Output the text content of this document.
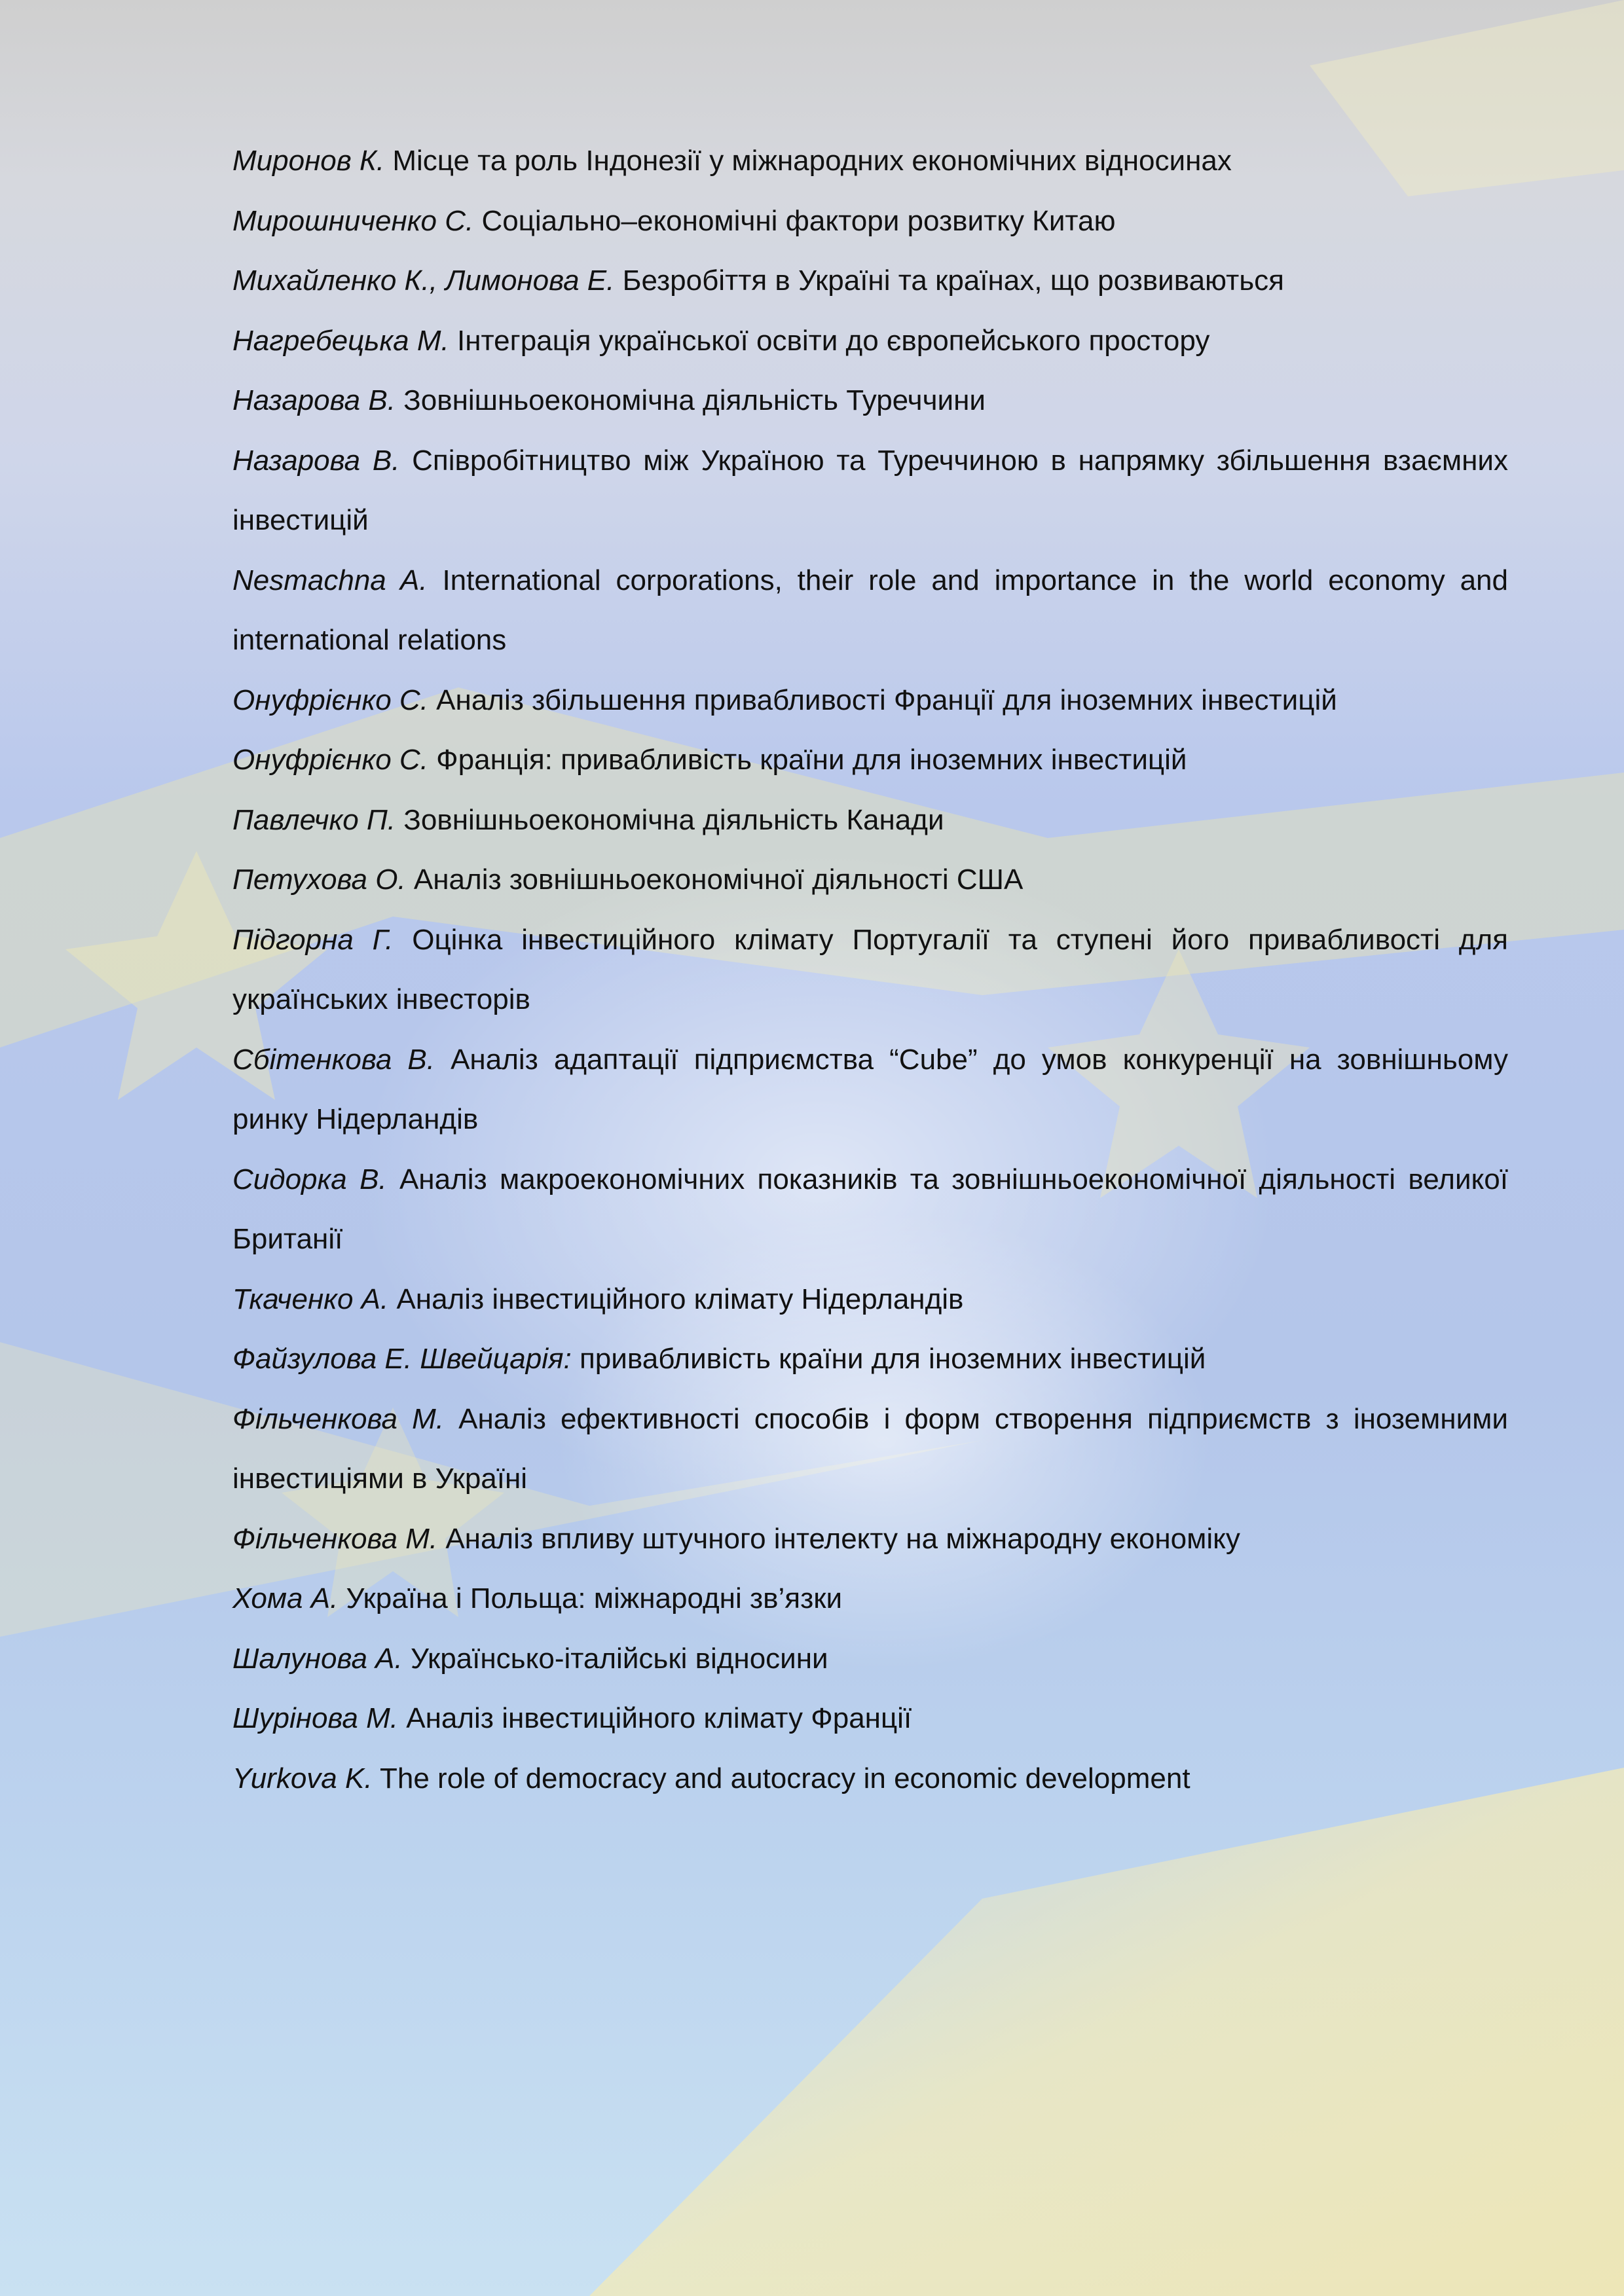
Миронов К. Місце та роль Індонезії у міжнародних економічних відносинах

Мирошниченко С. Соціально–економічні фактори розвитку Китаю

Михайленко К., Лимонова Е. Безробіття в Україні та країнах, що розвиваються

Нагребецька М. Інтеграція української освіти до європейського простору

Назарова В. Зовнішньоекономічна діяльність Туреччини

Назарова В. Співробітництво між Україною та Туреччиною в напрямку збільшення взаємних інвестицій

Nesmachna A. International corporations, their role and importance in the world economy and international relations

Онуфрієнко С. Аналіз збільшення привабливості Франції для іноземних інвестицій

Онуфрієнко С. Франція: привабливість країни для іноземних інвестицій

Павлечко П. Зовнішньоекономічна діяльність Канади

Петухова О. Аналіз зовнішньоекономічної діяльності США

Підгорна Г. Оцінка інвестиційного клімату Португалії та ступені його привабливості для українських інвесторів

Сбітенкова В. Аналіз адаптації підприємства “Cube” до умов конкуренції на зовнішньому ринку Нідерландів

Сидорка В. Аналіз макроекономічних показників та зовнішньоекономічної діяльності великої Британії

Ткаченко А. Аналіз інвестиційного клімату Нідерландів

Файзулова Е. Швейцарія: привабливість країни для іноземних інвестицій

Фільченкова М. Аналіз ефективності способів і форм створення підприємств з іноземними інвестиціями в Україні

Фільченкова М. Аналіз впливу штучного інтелекту на міжнародну економіку

Хома А. Україна і Польща: міжнародні зв’язки

Шалунова А. Українсько-італійські відносини

Шурінова М. Аналіз інвестиційного клімату Франції

Yurkova K. The role of democracy and autocracy in economic development
